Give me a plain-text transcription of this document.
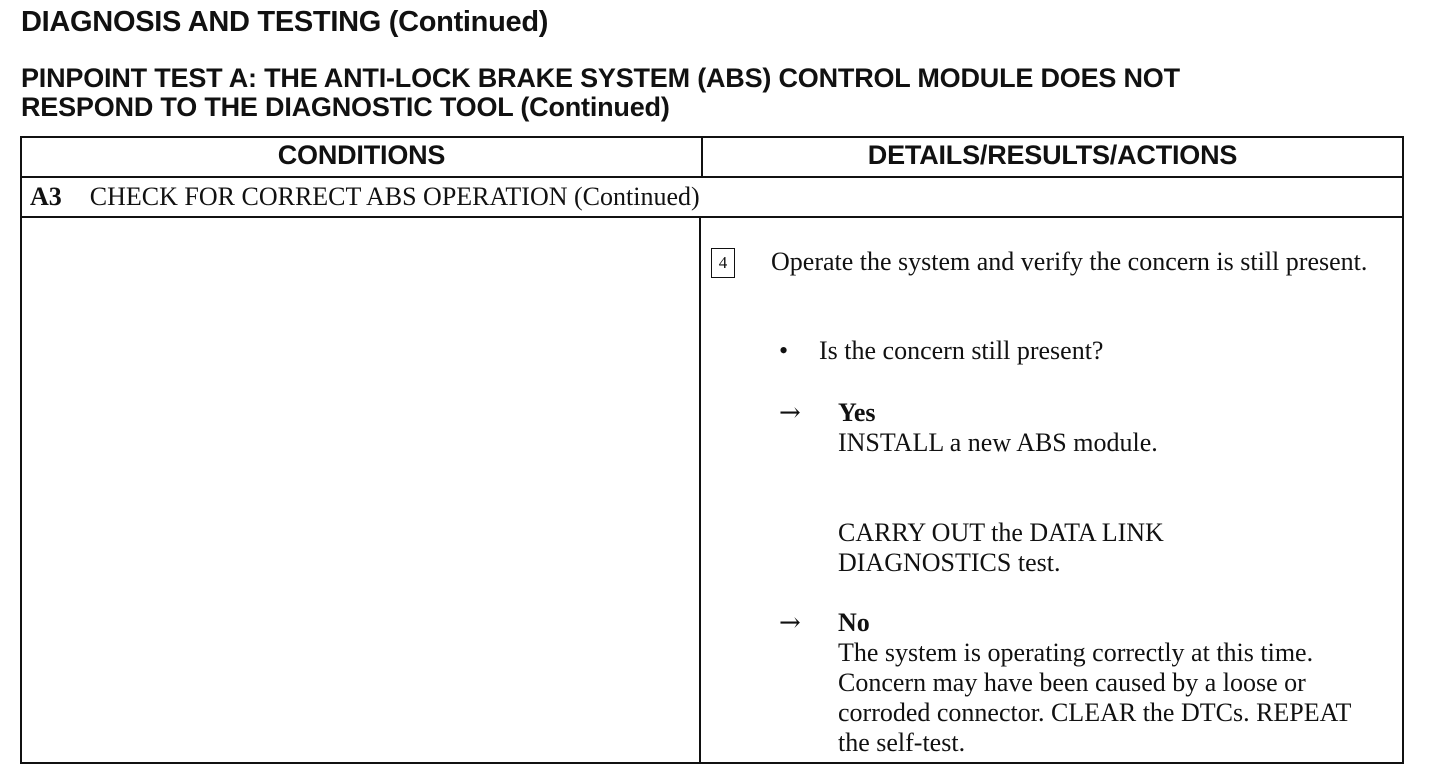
DIAGNOSIS AND TESTING (Continued)
PINPOINT TEST A: THE ANTI-LOCK BRAKE SYSTEM (ABS) CONTROL MODULE DOES NOT
RESPOND TO THE DIAGNOSTIC TOOL (Continued)
CONDITIONS	DETAILS/RESULTS/ACTIONS
A3 CHECK FOR CORRECT ABS OPERATION (Continued)
4 Operate the system and verify the concern is still present.
• Is the concern still present?
→ Yes

INSTALL a new ABS module.

CARRY OUT the DATA LINK DIAGNOSTICS test.

→ No

The system is operating correctly at this time. Concern may have been caused by a loose or corroded connector. CLEAR the DTCs. REPEAT the self-test.
